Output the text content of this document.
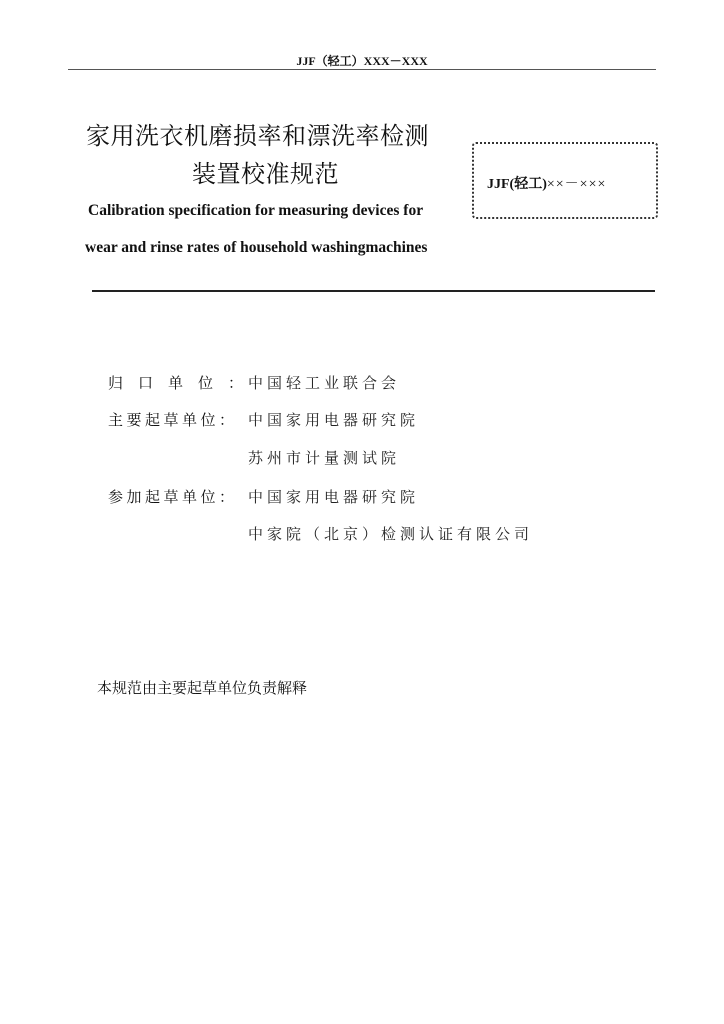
JJF（轻工）XXX－XXX
家用洗衣机磨损率和漂洗率检测
装置校准规范
Calibration specification for measuring devices for
wear and rinse rates of household washingmachines
JJF(轻工)××－×××
归口单位：
中国轻工业联合会
主要起草单位： 中国家用电器研究院
苏州市计量测试院
参加起草单位： 中国家用电器研究院
中家院（北京）检测认证有限公司
本规范由主要起草单位负责解释
